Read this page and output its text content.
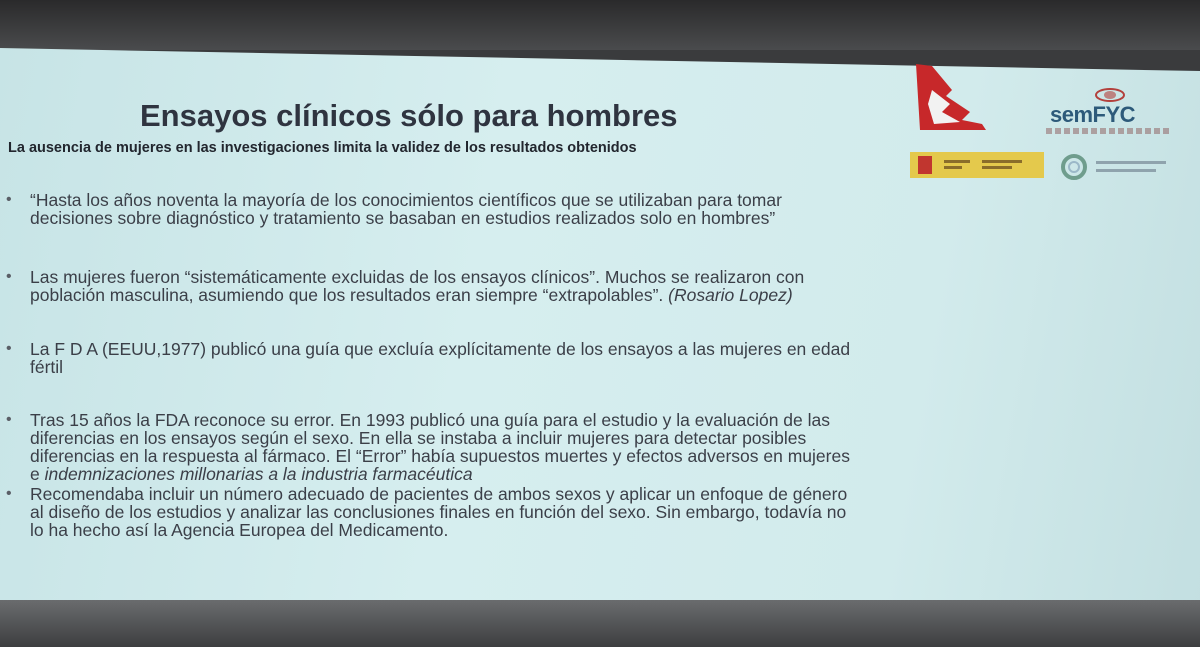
semFYC
Ensayos clínicos sólo para hombres
La ausencia de mujeres en las investigaciones limita la validez de los resultados obtenidos
• “Hasta los años noventa la mayoría de los conocimientos científicos que se utilizaban para tomar
decisiones sobre diagnóstico y tratamiento se basaban en estudios realizados solo en hombres”
• Las mujeres fueron “sistemáticamente excluidas de los ensayos clínicos”. Muchos se realizaron con
población masculina, asumiendo que los resultados eran siempre “extrapolables”. (Rosario Lopez)
• La F D A (EEUU,1977) publicó una guía que excluía explícitamente de los ensayos a las mujeres en edad
fértil
• Tras 15 años la FDA reconoce su error. En 1993 publicó una guía para el estudio y la evaluación de las
diferencias en los ensayos según el sexo. En ella se instaba a incluir mujeres para detectar posibles
diferencias en la respuesta al fármaco. El “Error” había supuestos muertes y efectos adversos en mujeres
e indemnizaciones millonarias a la industria farmacéutica
• Recomendaba incluir un número adecuado de pacientes de ambos sexos y aplicar un enfoque de género
al diseño de los estudios y analizar las conclusiones finales en función del sexo. Sin embargo, todavía no
lo ha hecho así la Agencia Europea del Medicamento.
